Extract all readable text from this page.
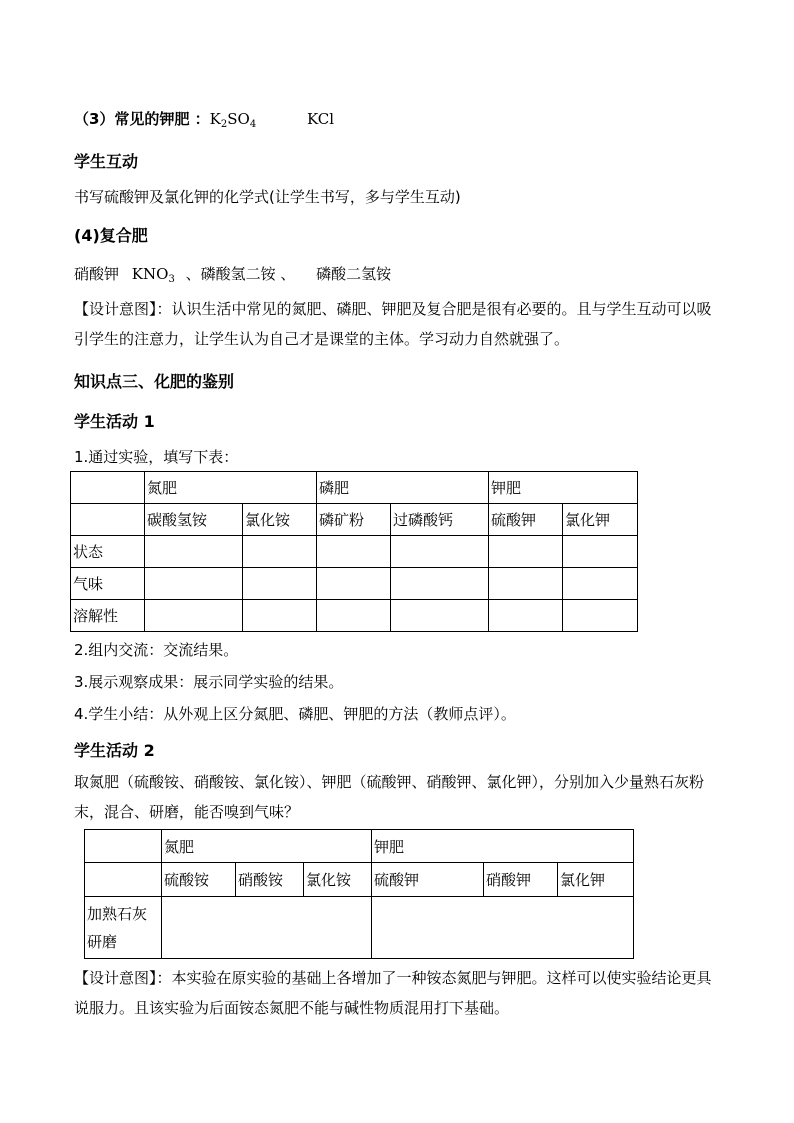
（3）常见的钾肥 ：$K_2SO_4$	KCl
学生互动
书写硫酸钾及氯化钾的化学式(让学生书写，多与学生互动)
(4)复合肥
硝酸钾 $KNO_3$ 、磷酸氢二铵 、 磷酸二氢铵
【设计意图】：认识生活中常见的氮肥、磷肥、钾肥及复合肥是很有必要的。且与学生互动可以吸引学生的注意力，让学生认为自己才是课堂的主体。学习动力自然就强了。
知识点三、化肥的鉴别
学生活动 1
1.通过实验，填写下表：
	氮肥		磷肥		钾肥	
	碳酸氢铵	氯化铵	磷矿粉	过磷酸钙	硫酸钾	氯化钾
状态						
气味						
溶解性						
2.组内交流：交流结果。
3.展示观察成果：展示同学实验的结果。
4.学生小结：从外观上区分氮肥、磷肥、钾肥的方法（教师点评）。
学生活动 2
取氮肥（硫酸铵、硝酸铵、氯化铵）、钾肥（硫酸钾、硝酸钾、氯化钾），分别加入少量熟石灰粉末，混合、研磨，能否嗅到气味？
	氮肥			钾肥		
	硫酸铵	硝酸铵	氯化铵	硫酸钾	硝酸钾	氯化钾
加熟石灰
研磨						
【设计意图】：本实验在原实验的基础上各增加了一种铵态氮肥与钾肥。这样可以使实验结论更具说服力。且该实验为后面铵态氮肥不能与碱性物质混用打下基础。
